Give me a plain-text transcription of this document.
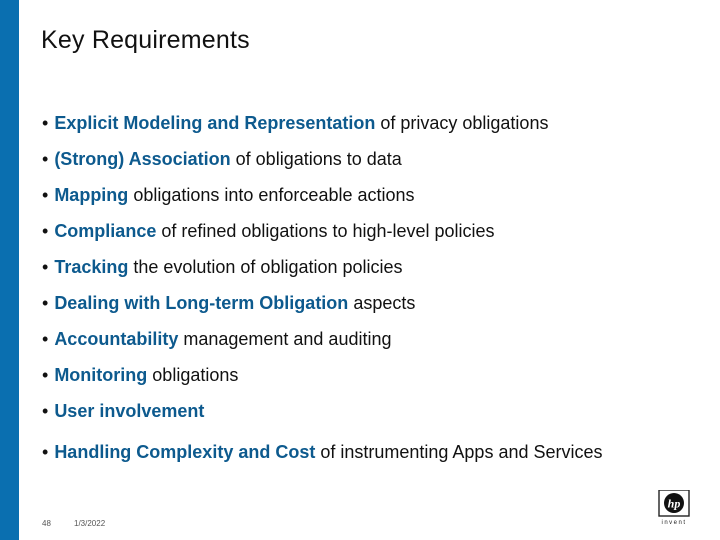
Key Requirements
• Explicit Modeling and Representation of privacy obligations
• (Strong) Association of obligations to data
• Mapping obligations into enforceable actions
• Compliance of refined obligations to high-level policies
• Tracking the evolution of obligation policies
• Dealing with Long-term Obligation aspects
• Accountability management and auditing
• Monitoring obligations
• User involvement
• Handling Complexity and Cost of instrumenting Apps and Services
48	1/3/2022
hp
invent
